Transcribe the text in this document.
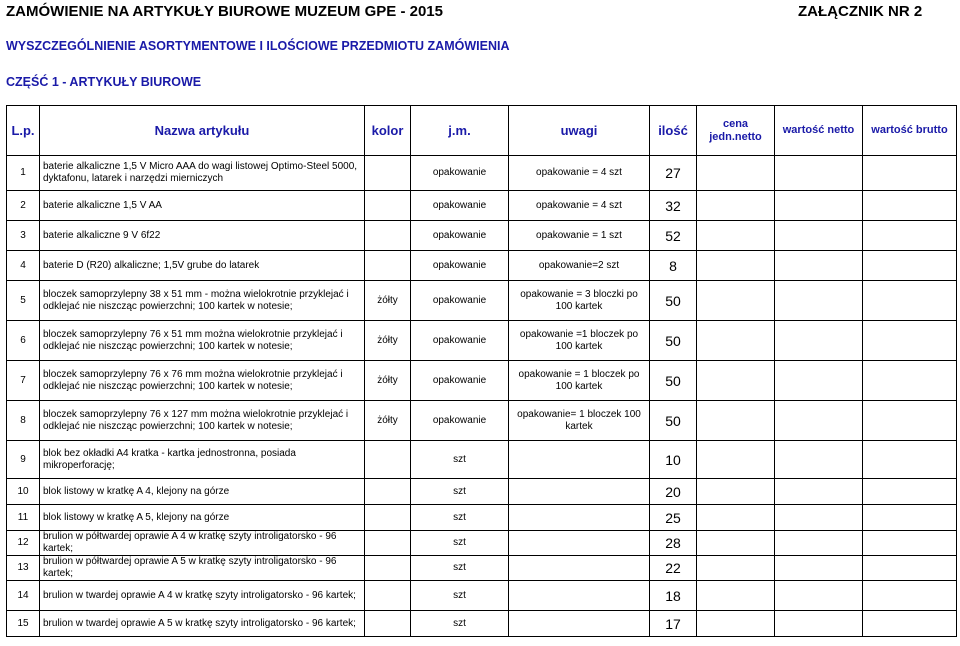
ZAMÓWIENIE NA ARTYKUŁY BIUROWE MUZEUM GPE - 2015	ZAŁĄCZNIK NR 2
WYSZCZEGÓLNIENIE ASORTYMENTOWE I ILOŚCIOWE PRZEDMIOTU ZAMÓWIENIA
CZĘŚĆ 1 - ARTYKUŁY BIUROWE
L.p.	Nazwa artykułu	kolor	j.m.	uwagi	ilość	cena jedn.netto	wartość netto	wartość brutto
1	baterie alkaliczne 1,5 V Micro AAA do wagi listowej Optimo-Steel 5000, dyktafonu, latarek i narzędzi mierniczych		opakowanie	opakowanie = 4 szt	27			
2	baterie alkaliczne 1,5 V AA		opakowanie	opakowanie = 4 szt	32			
3	baterie alkaliczne 9 V 6f22		opakowanie	opakowanie = 1 szt	52			
4	baterie D (R20) alkaliczne; 1,5V grube do latarek		opakowanie	opakowanie=2 szt	8			
5	bloczek samoprzylepny 38 x 51 mm - można wielokrotnie przyklejać i odklejać nie niszcząc powierzchni; 100 kartek w notesie;	żółty	opakowanie	opakowanie = 3 bloczki po 100 kartek	50			
6	bloczek samoprzylepny 76 x 51 mm można wielokrotnie przyklejać i odklejać nie niszcząc powierzchni; 100 kartek w notesie;	żółty	opakowanie	opakowanie =1 bloczek po 100 kartek	50			
7	bloczek samoprzylepny 76 x 76 mm można wielokrotnie przyklejać i odklejać nie niszcząc powierzchni; 100 kartek w notesie;	żółty	opakowanie	opakowanie = 1 bloczek po 100 kartek	50			
8	bloczek samoprzylepny 76 x 127 mm można wielokrotnie przyklejać i odklejać nie niszcząc powierzchni; 100 kartek w notesie;	żółty	opakowanie	opakowanie= 1 bloczek 100 kartek	50			
9	blok bez okładki A4 kratka - kartka jednostronna, posiada mikroperforację;		szt		10			
10	blok listowy w kratkę A 4, klejony na górze		szt		20			
11	blok listowy w kratkę A 5, klejony na górze		szt		25			
12	brulion w półtwardej oprawie A 4 w kratkę szyty introligatorsko - 96 kartek;		szt		28			
13	brulion w półtwardej oprawie A 5 w kratkę szyty introligatorsko - 96 kartek;		szt		22			
14	brulion w twardej oprawie A 4 w kratkę szyty introligatorsko - 96 kartek;		szt		18			
15	brulion w twardej oprawie A 5 w kratkę szyty introligatorsko - 96 kartek;		szt		17			
